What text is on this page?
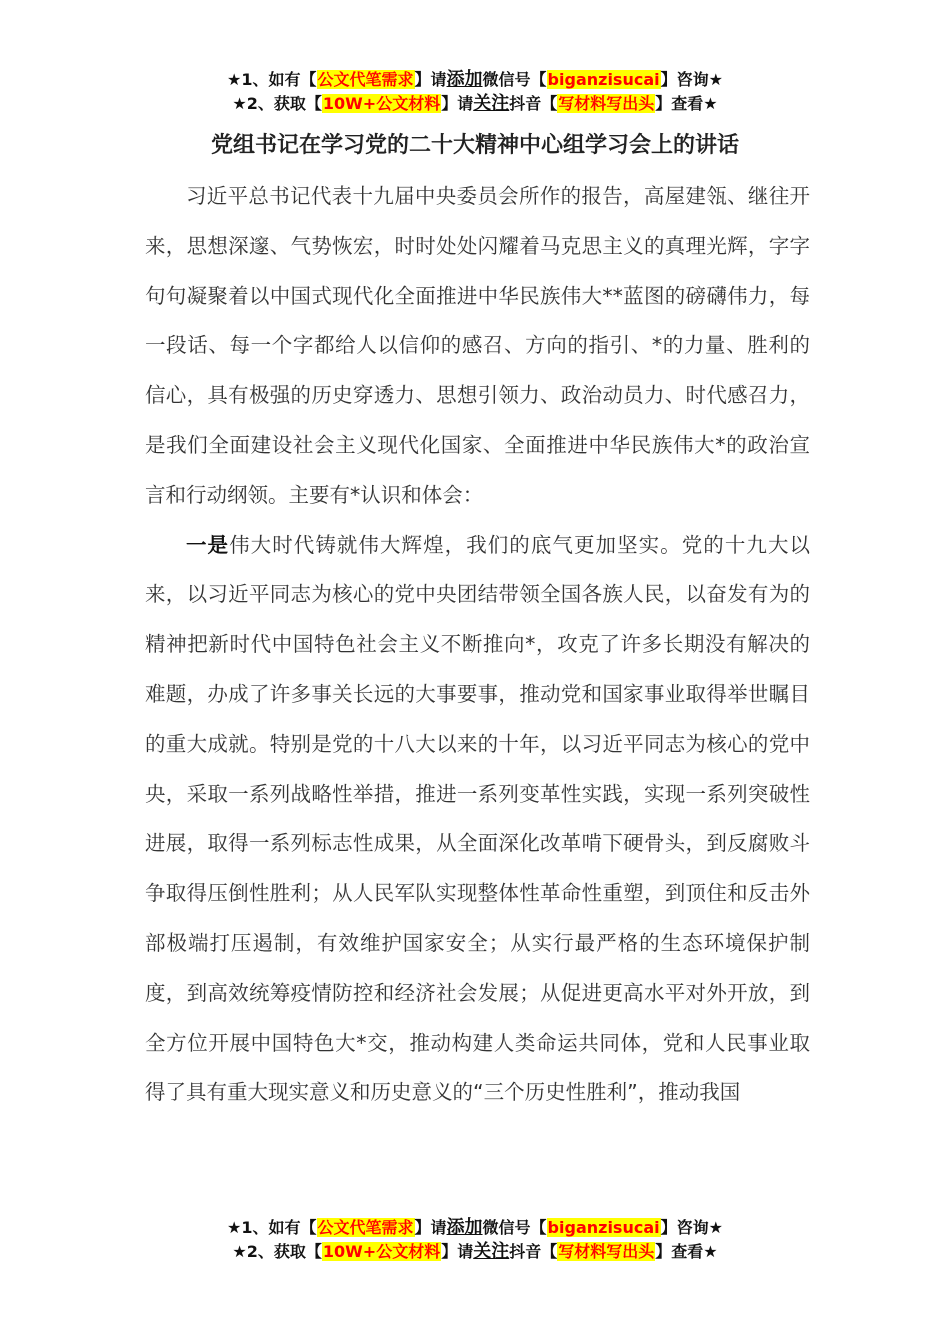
★1、如有【公文代笔需求】请添加微信号【biganzisucai】咨询★
★2、获取【10W+公文材料】请关注抖音【写材料写出头】查看★
党组书记在学习党的二十大精神中心组学习会上的讲话

习近平总书记代表十九届中央委员会所作的报告，高屋建瓴、继往开来，思想深邃、气势恢宏，时时处处闪耀着马克思主义的真理光辉，字字句句凝聚着以中国式现代化全面推进中华民族伟大**蓝图的磅礴伟力，每一段话、每一个字都给人以信仰的感召、方向的指引、*的力量、胜利的信心，具有极强的历史穿透力、思想引领力、政治动员力、时代感召力，是我们全面建设社会主义现代化国家、全面推进中华民族伟大*的政治宣言和行动纲领。主要有*认识和体会：

一是伟大时代铸就伟大辉煌，我们的底气更加坚实。党的十九大以来，以习近平同志为核心的党中央团结带领全国各族人民，以奋发有为的精神把新时代中国特色社会主义不断推向*，攻克了许多长期没有解决的难题，办成了许多事关长远的大事要事，推动党和国家事业取得举世瞩目的重大成就。特别是党的十八大以来的十年，以习近平同志为核心的党中央，采取一系列战略性举措，推进一系列变革性实践，实现一系列突破性进展，取得一系列标志性成果，从全面深化改革啃下硬骨头，到反腐败斗争取得压倒性胜利；从人民军队实现整体性革命性重塑，到顶住和反击外部极端打压遏制，有效维护国家安全；从实行最严格的生态环境保护制度，到高效统筹疫情防控和经济社会发展；从促进更高水平对外开放，到全方位开展中国特色大*交，推动构建人类命运共同体，党和人民事业取得了具有重大现实意义和历史意义的“三个历史性胜利”，推动我国

★1、如有【公文代笔需求】请添加微信号【biganzisucai】咨询★
★2、获取【10W+公文材料】请关注抖音【写材料写出头】查看★
